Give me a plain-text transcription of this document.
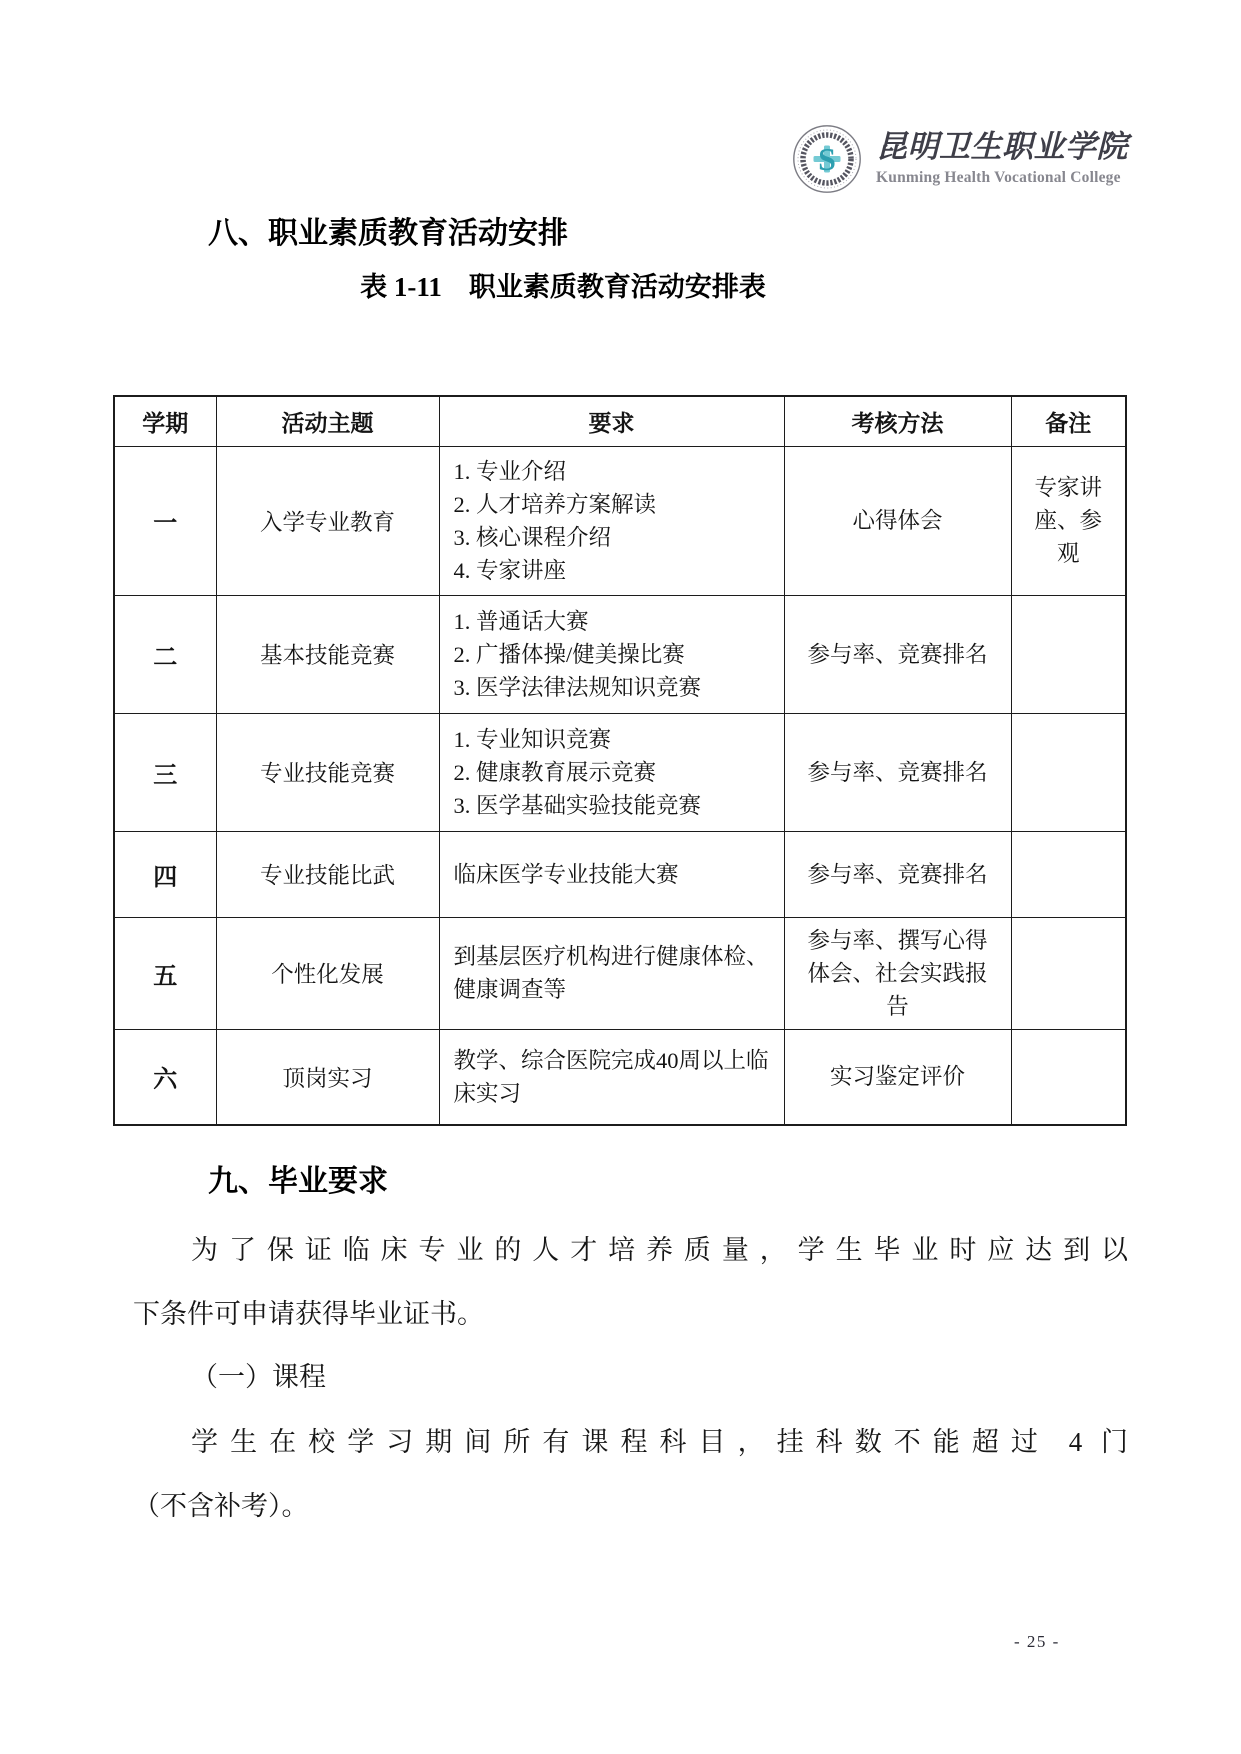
S 昆明卫生职业学院
Kunming Health Vocational College
八、职业素质教育活动安排
表 1-11　职业素质教育活动安排表
学期	活动主题	要求	考核方法	备注
一	入学专业教育	1. 专业介绍
2. 人才培养方案解读
3. 核心课程介绍
4. 专家讲座	心得体会	专家讲座、参观
二	基本技能竞赛	1. 普通话大赛
2. 广播体操/健美操比赛
3. 医学法律法规知识竞赛	参与率、竞赛排名	
三	专业技能竞赛	1. 专业知识竞赛
2. 健康教育展示竞赛
3. 医学基础实验技能竞赛	参与率、竞赛排名	
四	专业技能比武	临床医学专业技能大赛	参与率、竞赛排名	
五	个性化发展	到基层医疗机构进行健康体检、健康调查等	参与率、撰写心得体会、社会实践报告	
六	顶岗实习	教学、综合医院完成40周以上临床实习	实习鉴定评价	
九、毕业要求
为了保证临床专业的人才培养质量，学生毕业时应达到以
下条件可申请获得毕业证书。
（一）课程
学生在校学习期间所有课程科目，挂科数不能超过 4 门
（不含补考）。
- 25 -
